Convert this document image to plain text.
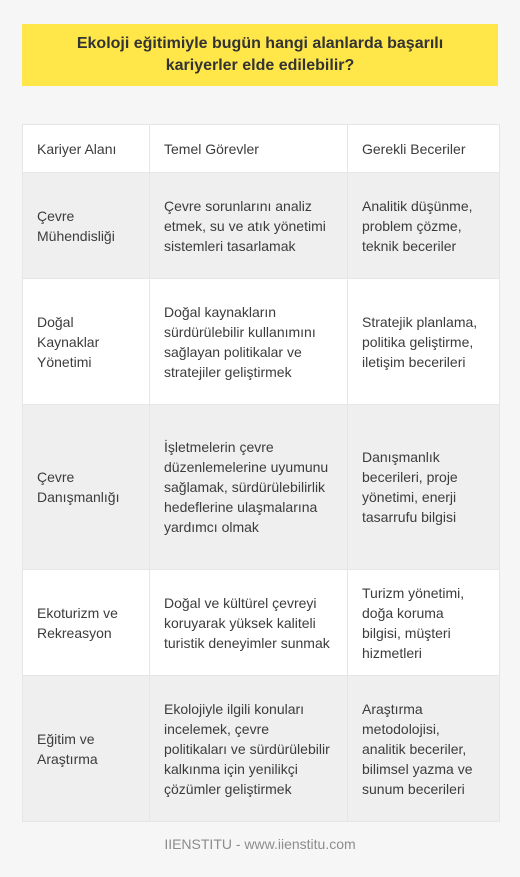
Ekoloji eğitimiyle bugün hangi alanlarda başarılı kariyerler elde edilebilir?
Kariyer Alanı	Temel Görevler	Gerekli Beceriler
Çevre Mühendisliği	Çevre sorunlarını analiz etmek, su ve atık yönetimi sistemleri tasarlamak	Analitik düşünme, problem çözme, teknik beceriler
Doğal Kaynaklar Yönetimi	Doğal kaynakların sürdürülebilir kullanımını sağlayan politikalar ve stratejiler geliştirmek	Stratejik planlama, politika geliştirme, iletişim becerileri
Çevre Danışmanlığı	İşletmelerin çevre düzenlemelerine uyumunu sağlamak, sürdürülebilirlik hedeflerine ulaşmalarına yardımcı olmak	Danışmanlık becerileri, proje yönetimi, enerji tasarrufu bilgisi
Ekoturizm ve Rekreasyon	Doğal ve kültürel çevreyi koruyarak yüksek kaliteli turistik deneyimler sunmak	Turizm yönetimi, doğa koruma bilgisi, müşteri hizmetleri
Eğitim ve Araştırma	Ekolojiyle ilgili konuları incelemek, çevre politikaları ve sürdürülebilir kalkınma için yenilikçi çözümler geliştirmek	Araştırma metodolojisi, analitik beceriler, bilimsel yazma ve sunum becerileri
IIENSTITU - www.iienstitu.com
